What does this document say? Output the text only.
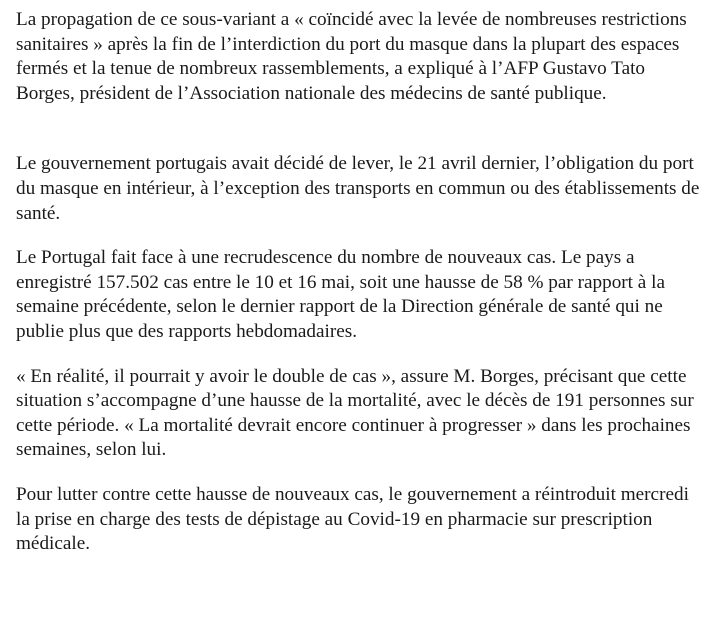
La propagation de ce sous-variant a « coïncidé avec la levée de nombreuses restrictions sanitaires » après la fin de l’interdiction du port du masque dans la plupart des espaces fermés et la tenue de nombreux rassemblements, a expliqué à l’AFP Gustavo Tato Borges, président de l’Association nationale des médecins de santé publique.

Le gouvernement portugais avait décidé de lever, le 21 avril dernier, l’obligation du port du masque en intérieur, à l’exception des transports en commun ou des établissements de santé.

Le Portugal fait face à une recrudescence du nombre de nouveaux cas. Le pays a enregistré 157.502 cas entre le 10 et 16 mai, soit une hausse de 58 % par rapport à la semaine précédente, selon le dernier rapport de la Direction générale de santé qui ne publie plus que des rapports hebdomadaires.

« En réalité, il pourrait y avoir le double de cas », assure M. Borges, précisant que cette situation s’accompagne d’une hausse de la mortalité, avec le décès de 191 personnes sur cette période. « La mortalité devrait encore continuer à progresser » dans les prochaines semaines, selon lui.

Pour lutter contre cette hausse de nouveaux cas, le gouvernement a réintroduit mercredi la prise en charge des tests de dépistage au Covid-19 en pharmacie sur prescription médicale.
